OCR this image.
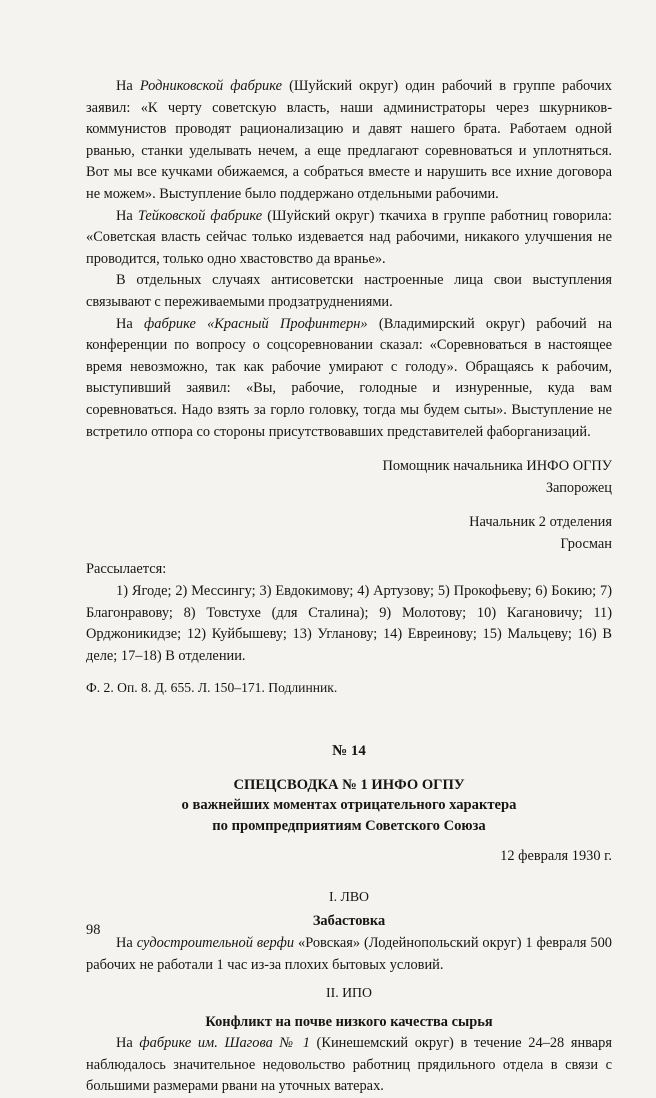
На Родниковской фабрике (Шуйский округ) один рабочий в группе рабочих заявил: «К черту советскую власть, наши администраторы через шкурников-коммунистов проводят рационализацию и давят нашего брата. Работаем одной рванью, станки уделывать нечем, а еще предлагают соревноваться и уплотняться. Вот мы все кучками обижаемся, а собраться вместе и нарушить все ихние договора не можем». Выступление было поддержано отдельными рабочими.

На Тейковской фабрике (Шуйский округ) ткачиха в группе работниц говорила: «Советская власть сейчас только издевается над рабочими, никакого улучшения не проводится, только одно хвастовство да вранье».

В отдельных случаях антисоветски настроенные лица свои выступления связывают с переживаемыми продзатруднениями.

На фабрике «Красный Профинтерн» (Владимирский округ) рабочий на конференции по вопросу о соцсоревновании сказал: «Соревноваться в настоящее время невозможно, так как рабочие умирают с голоду». Обращаясь к рабочим, выступивший заявил: «Вы, рабочие, голодные и изнуренные, куда вам соревноваться. Надо взять за горло головку, тогда мы будем сыты». Выступление не встретило отпора со стороны присутствовавших представителей фаборганизаций.

Помощник начальника ИНФО ОГПУ

Запорожец

Начальник 2 отделения

Гросман

Рассылается:

1) Ягоде; 2) Мессингу; 3) Евдокимову; 4) Артузову; 5) Прокофьеву; 6) Бокию; 7) Благонравову; 8) Товстухе (для Сталина); 9) Молотову; 10) Кагановичу; 11) Орджоникидзе; 12) Куйбышеву; 13) Угланову; 14) Евреинову; 15) Мальцеву; 16) В деле; 17–18) В отделении.

Ф. 2. Оп. 8. Д. 655. Л. 150–171. Подлинник.

№ 14

СПЕЦСВОДКА № 1 ИНФО ОГПУ

о важнейших моментах отрицательного характера

по промпредприятиям Советского Союза

12 февраля 1930 г.

I. ЛВО

Забастовка

На судостроительной верфи «Ровская» (Лодейнопольский округ) 1 февраля 500 рабочих не работали 1 час из-за плохих бытовых условий.

II. ИПО

Конфликт на почве низкого качества сырья

На фабрике им. Шагова № 1 (Кинешемский округ) в течение 24–28 января наблюдалось значительное недовольство работниц прядильного отдела в связи с большими размерами рвани на уточных ватерах.

98
